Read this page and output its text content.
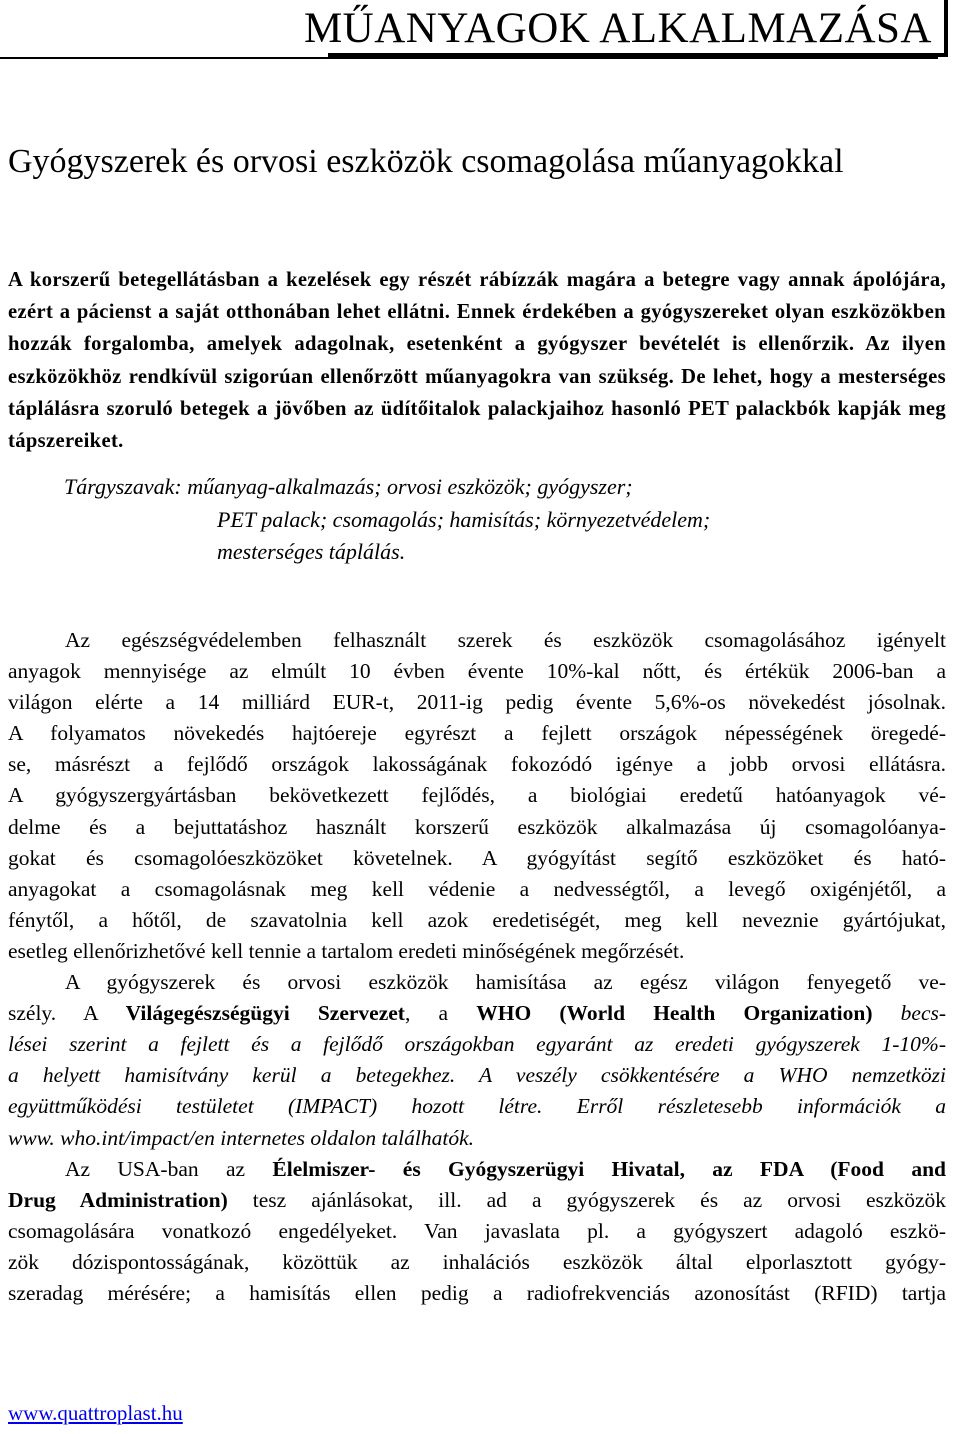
MŰANYAGOK ALKALMAZÁSA
Gyógyszerek és orvosi eszközök csomagolása műanyagokkal
A korszerű betegellátásban a kezelések egy részét rábízzák magára a betegre vagy annak ápolójára, ezért a pácienst a saját otthonában lehet ellátni. Ennek érdekében a gyógyszereket olyan eszközökben hozzák forgalomba, amelyek adagolnak, esetenként a gyógyszer bevételét is ellenőrzik. Az ilyen eszközökhöz rendkívül szigorúan ellenőrzött műanyagokra van szükség. De lehet, hogy a mesterséges táplálásra szoruló betegek a jövőben az üdítőitalok palackjaihoz hasonló PET palackbók kapják meg tápszereiket.
Tárgyszavak: műanyag-alkalmazás; orvosi eszközök; gyógyszer;
PET palack; csomagolás; hamisítás; környezetvédelem;
mesterséges táplálás.
Az egészségvédelemben felhasznált szerek és eszközök csomagolásához igényelt
anyagok mennyisége az elmúlt 10 évben évente 10%-kal nőtt, és értékük 2006-ban a
világon elérte a 14 milliárd EUR-t, 2011-ig pedig évente 5,6%-os növekedést jósolnak.
A folyamatos növekedés hajtóereje egyrészt a fejlett országok népességének öregedé-
se, másrészt a fejlődő országok lakosságának fokozódó igénye a jobb orvosi ellátásra.
A gyógyszergyártásban bekövetkezett fejlődés, a biológiai eredetű hatóanyagok vé-
delme és a bejuttatáshoz használt korszerű eszközök alkalmazása új csomagolóanya-
gokat és csomagolóeszközöket követelnek. A gyógyítást segítő eszközöket és ható-
anyagokat a csomagolásnak meg kell védenie a nedvességtől, a levegő oxigénjétől, a
fénytől, a hőtől, de szavatolnia kell azok eredetiségét, meg kell neveznie gyártójukat,
esetleg ellenőrizhetővé kell tennie a tartalom eredeti minőségének megőrzését.
A gyógyszerek és orvosi eszközök hamisítása az egész világon fenyegető ve-
szély. A Világegészségügyi Szervezet, a WHO (World Health Organization) becs-
lései szerint a fejlett és a fejlődő országokban egyaránt az eredeti gyógyszerek 1-10%-
a helyett hamisítvány kerül a betegekhez. A veszély csökkentésére a WHO nemzetközi
együttműködési testületet (IMPACT) hozott létre. Erről részletesebb információk a
www. who.int/impact/en internetes oldalon találhatók.
Az USA-ban az Élelmiszer- és Gyógyszerügyi Hivatal, az FDA (Food and
Drug Administration) tesz ajánlásokat, ill. ad a gyógyszerek és az orvosi eszközök
csomagolására vonatkozó engedélyeket. Van javaslata pl. a gyógyszert adagoló eszkö-
zök dózispontosságának, közöttük az inhalációs eszközök által elporlasztott gyógy-
szeradag mérésére; a hamisítás ellen pedig a radiofrekvenciás azonosítást (RFID) tartja
www.quattroplast.hu
